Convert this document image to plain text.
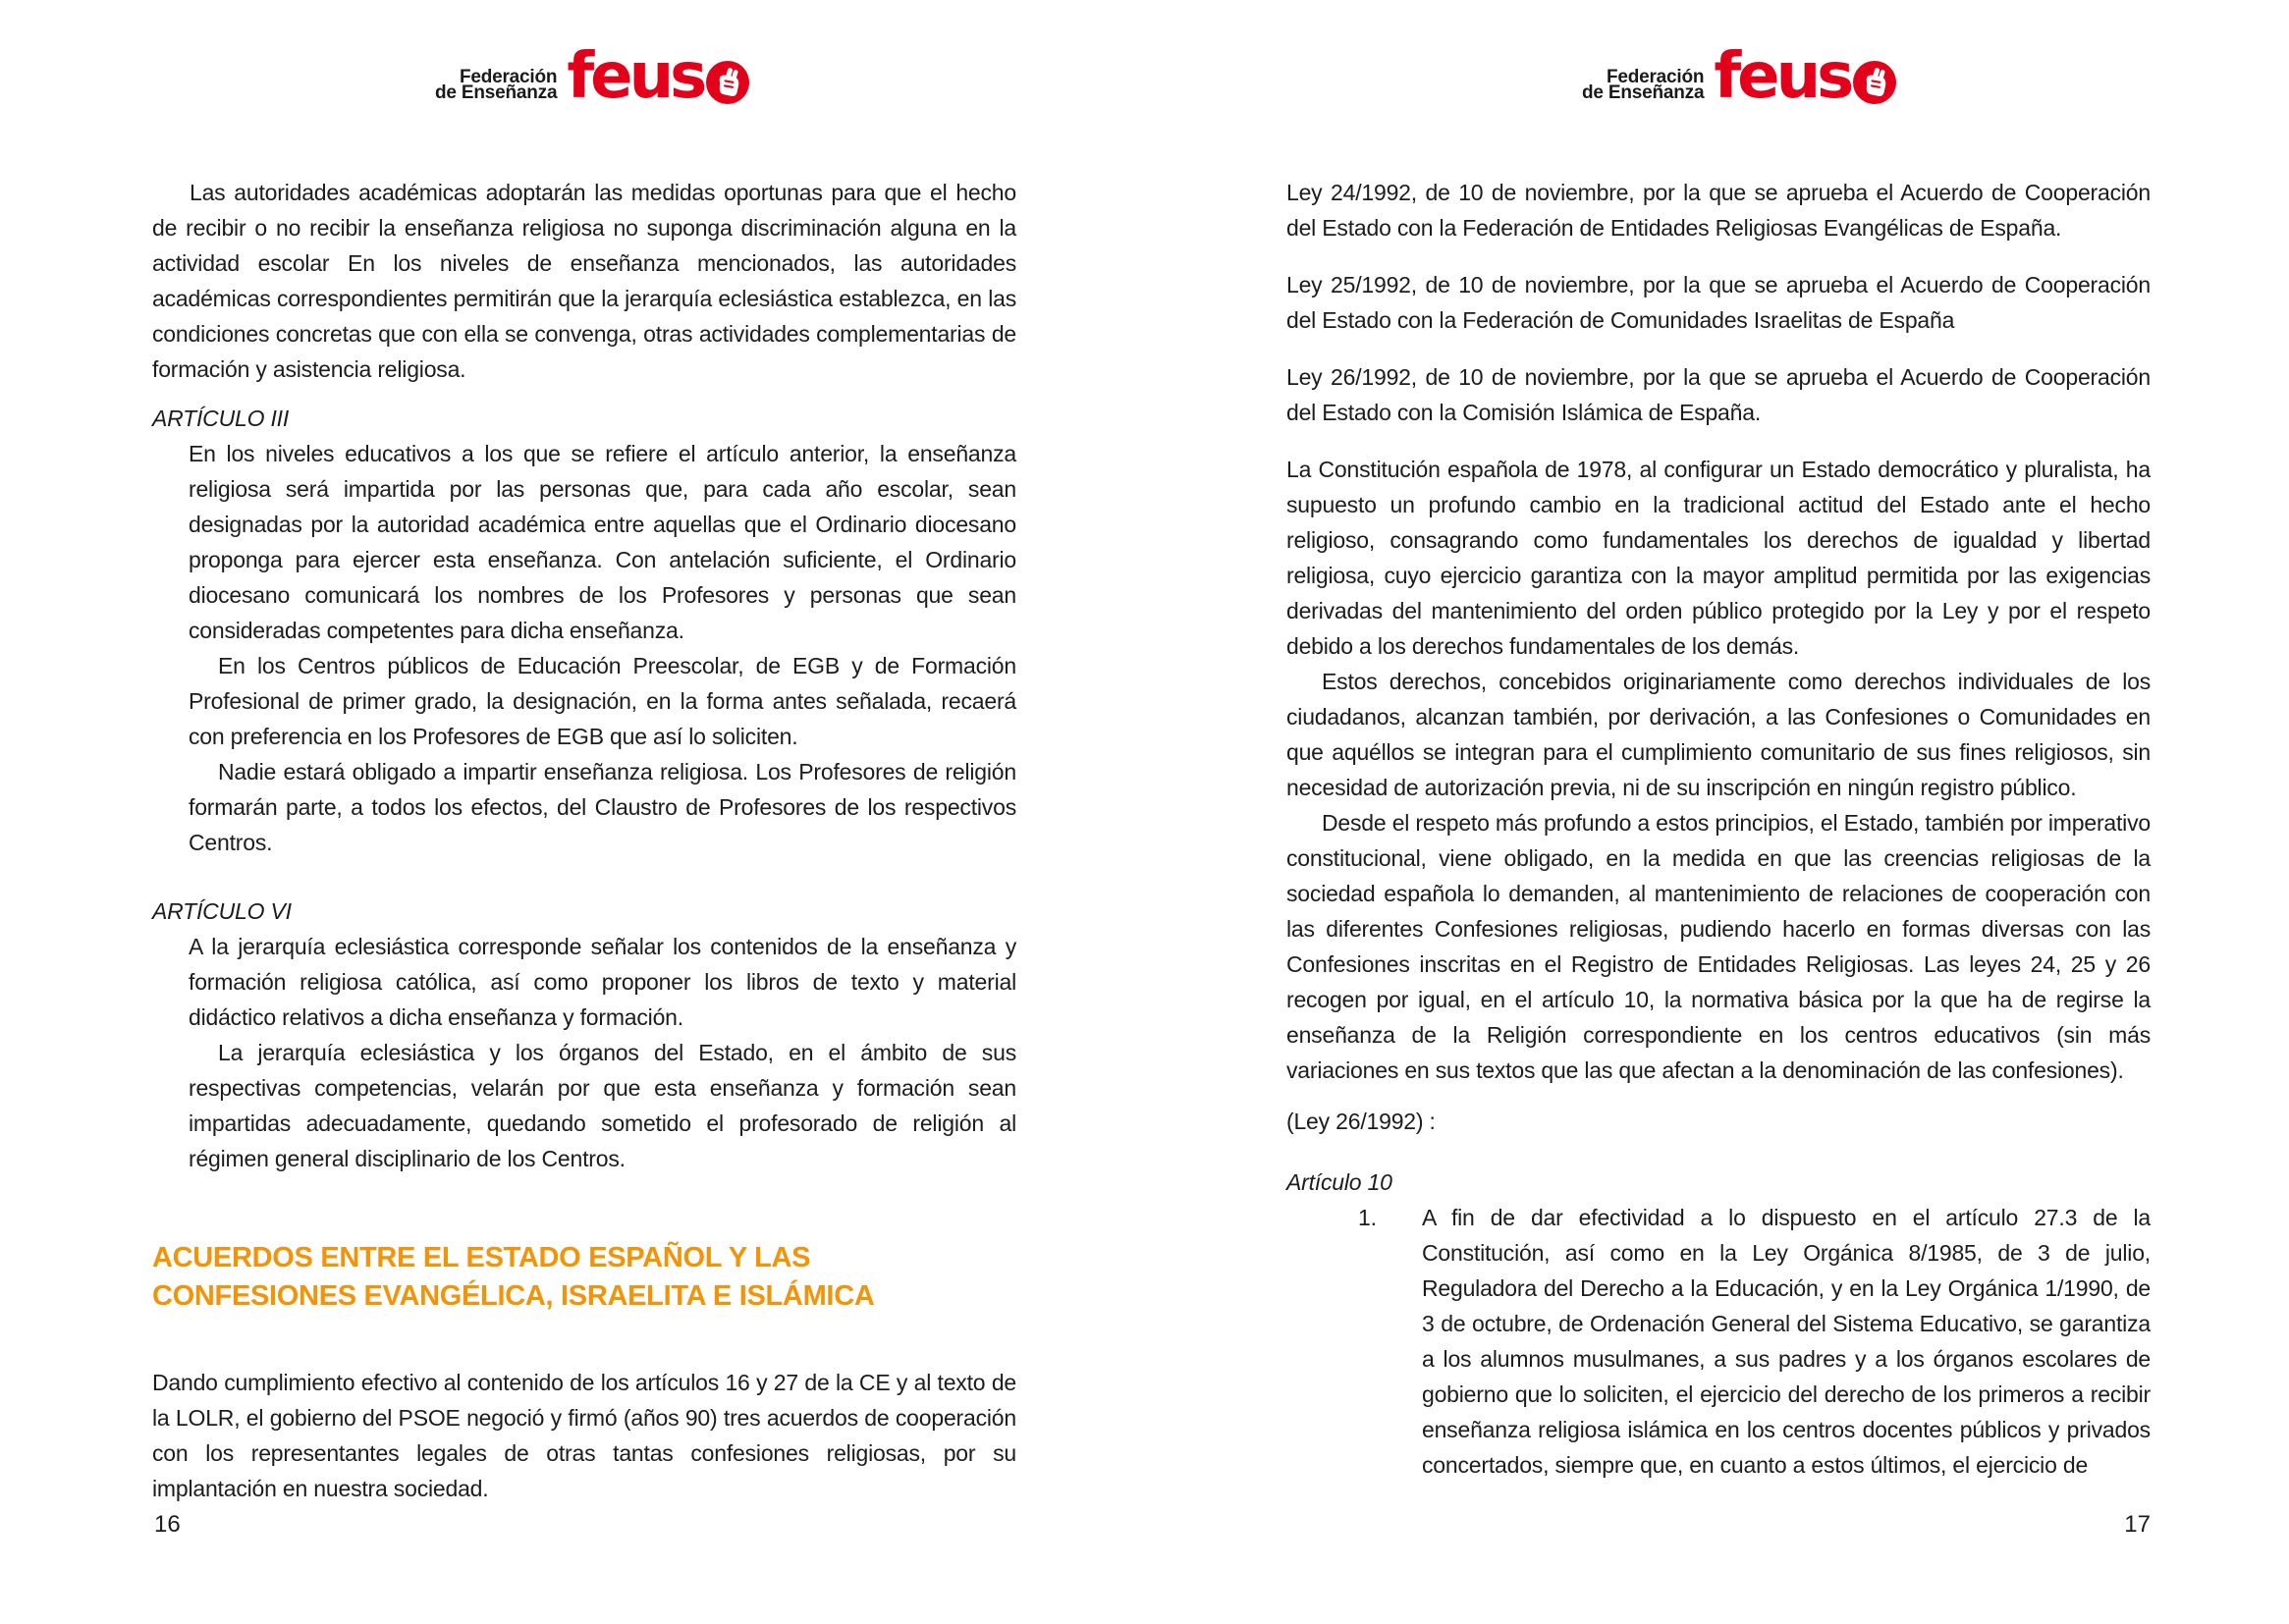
Federación
de Enseñanza feus	Federación
de Enseñanza feus

Las autoridades académicas adoptarán las medidas oportunas para que el hecho de recibir o no recibir la enseñanza religiosa no suponga discriminación alguna en la actividad escolar En los niveles de enseñanza mencionados, las autoridades académicas correspondientes permitirán que la jerarquía eclesiástica establezca, en las condiciones concretas que con ella se convenga, otras actividades complementarias de formación y asistencia religiosa.

ARTÍCULO III

En los niveles educativos a los que se refiere el artículo anterior, la enseñanza religiosa será impartida por las personas que, para cada año escolar, sean designadas por la autoridad académica entre aquellas que el Ordinario diocesano proponga para ejercer esta enseñanza. Con antelación suficiente, el Ordinario diocesano comunicará los nombres de los Profesores y personas que sean consideradas competentes para dicha enseñanza.

En los Centros públicos de Educación Preescolar, de EGB y de Formación Profesional de primer grado, la designación, en la forma antes señalada, recaerá con preferencia en los Profesores de EGB que así lo soliciten.

Nadie estará obligado a impartir enseñanza religiosa. Los Profesores de religión formarán parte, a todos los efectos, del Claustro de Profesores de los respectivos Centros.

ARTÍCULO VI

A la jerarquía eclesiástica corresponde señalar los contenidos de la enseñanza y formación religiosa católica, así como proponer los libros de texto y material didáctico relativos a dicha enseñanza y formación.

La jerarquía eclesiástica y los órganos del Estado, en el ámbito de sus respectivas competencias, velarán por que esta enseñanza y formación sean impartidas adecuadamente, quedando sometido el profesorado de religión al régimen general disciplinario de los Centros.

ACUERDOS ENTRE EL ESTADO ESPAÑOL Y LAS CONFESIONES EVANGÉLICA, ISRAELITA E ISLÁMICA

Dando cumplimiento efectivo al contenido de los artículos 16 y 27 de la CE y al texto de la LOLR, el gobierno del PSOE negoció y firmó (años 90) tres acuerdos de cooperación con los representantes legales de otras tantas confesiones religiosas, por su implantación en nuestra sociedad.

Ley 24/1992, de 10 de noviembre, por la que se aprueba el Acuerdo de Cooperación del Estado con la Federación de Entidades Religiosas Evangélicas de España.

Ley 25/1992, de 10 de noviembre, por la que se aprueba el Acuerdo de Cooperación del Estado con la Federación de Comunidades Israelitas de España

Ley 26/1992, de 10 de noviembre, por la que se aprueba el Acuerdo de Cooperación del Estado con la Comisión Islámica de España.

La Constitución española de 1978, al configurar un Estado democrático y pluralista, ha supuesto un profundo cambio en la tradicional actitud del Estado ante el hecho religioso, consagrando como fundamentales los derechos de igualdad y libertad religiosa, cuyo ejercicio garantiza con la mayor amplitud permitida por las exigencias derivadas del mantenimiento del orden público protegido por la Ley y por el respeto debido a los derechos fundamentales de los demás.

Estos derechos, concebidos originariamente como derechos individuales de los ciudadanos, alcanzan también, por derivación, a las Confesiones o Comunidades en que aquéllos se integran para el cumplimiento comunitario de sus fines religiosos, sin necesidad de autorización previa, ni de su inscripción en ningún registro público.

Desde el respeto más profundo a estos principios, el Estado, también por imperativo constitucional, viene obligado, en la medida en que las creencias religiosas de la sociedad española lo demanden, al mantenimiento de relaciones de cooperación con las diferentes Confesiones religiosas, pudiendo hacerlo en formas diversas con las Confesiones inscritas en el Registro de Entidades Religiosas. Las leyes 24, 25 y 26 recogen por igual, en el artículo 10, la normativa básica por la que ha de regirse la enseñanza de la Religión correspondiente en los centros educativos (sin más variaciones en sus textos que las que afectan a la denominación de las confesiones).

(Ley 26/1992) :

Artículo 10
1.	A fin de dar efectividad a lo dispuesto en el artículo 27.3 de la Constitución, así como en la Ley Orgánica 8/1985, de 3 de julio, Reguladora del Derecho a la Educación, y en la Ley Orgánica 1/1990, de 3 de octubre, de Ordenación General del Sistema Educativo, se garantiza a los alumnos musulmanes, a sus padres y a los órganos escolares de gobierno que lo soliciten, el ejercicio del derecho de los primeros a recibir enseñanza religiosa islámica en los centros docentes públicos y privados concertados, siempre que, en cuanto a estos últimos, el ejercicio de
16	17
